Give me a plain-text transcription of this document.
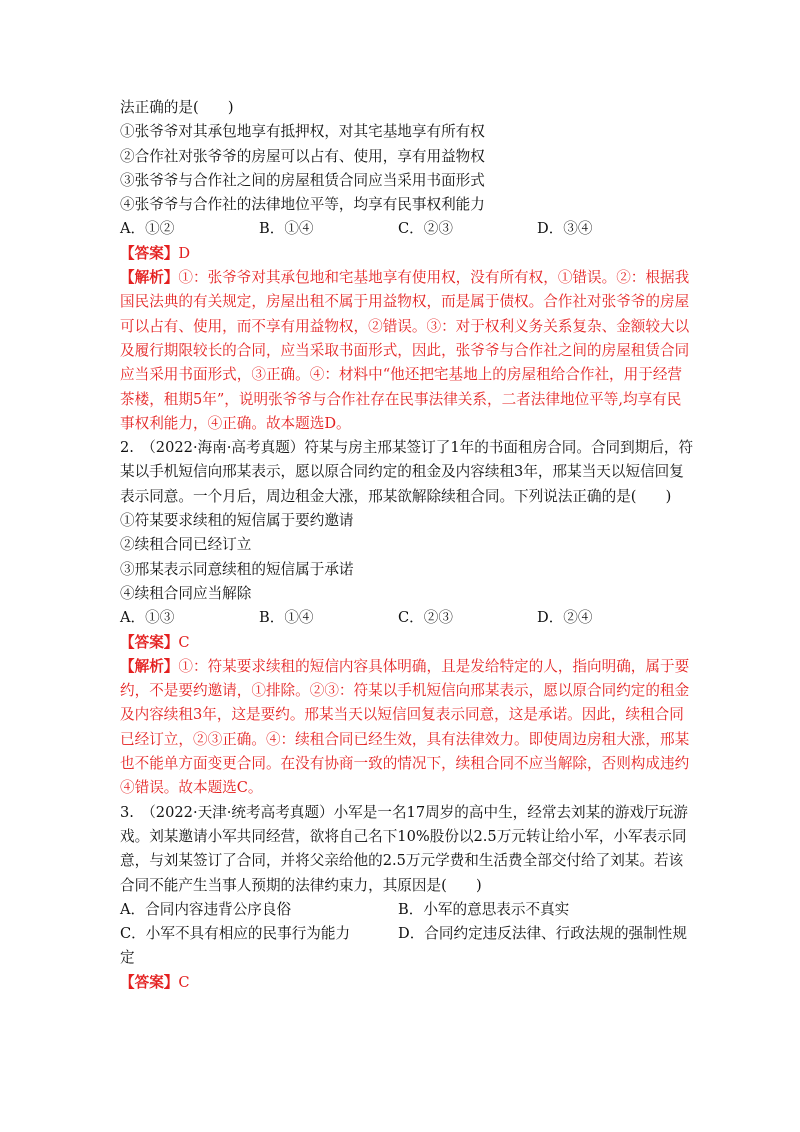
法正确的是(　　)
①张爷爷对其承包地享有抵押权，对其宅基地享有所有权
②合作社对张爷爷的房屋可以占有、使用，享有用益物权
③张爷爷与合作社之间的房屋租赁合同应当采用书面形式
④张爷爷与合作社的法律地位平等，均享有民事权利能力
A．①②	B．①④	C．②③	D．③④
【答案】D
【解析】①：张爷爷对其承包地和宅基地享有使用权，没有所有权，①错误。②：根据我
国民法典的有关规定，房屋出租不属于用益物权，而是属于债权。合作社对张爷爷的房屋
可以占有、使用，而不享有用益物权，②错误。③：对于权利义务关系复杂、金额较大以
及履行期限较长的合同，应当采取书面形式，因此，张爷爷与合作社之间的房屋租赁合同
应当采用书面形式，③正确。④：材料中“他还把宅基地上的房屋租给合作社，用于经营
茶楼，租期5年”，说明张爷爷与合作社存在民事法律关系，二者法律地位平等,均享有民
事权利能力，④正确。故本题选D。
2.　（2022·海南·高考真题）符某与房主邢某签订了1年的书面租房合同。合同到期后，符
某以手机短信向邢某表示，愿以原合同约定的租金及内容续租3年，邢某当天以短信回复
表示同意。一个月后，周边租金大涨，邢某欲解除续租合同。下列说法正确的是(　　)
①符某要求续租的短信属于要约邀请
②续租合同已经订立
③邢某表示同意续租的短信属于承诺
④续租合同应当解除
A．①③	B．①④	C．②③	D．②④
【答案】C
【解析】①：符某要求续租的短信内容具体明确，且是发给特定的人，指向明确，属于要
约，不是要约邀请，①排除。②③：符某以手机短信向邢某表示，愿以原合同约定的租金
及内容续租3年，这是要约。邢某当天以短信回复表示同意，这是承诺。因此，续租合同
已经订立，②③正确。④：续租合同已经生效，具有法律效力。即使周边房租大涨，邢某
也不能单方面变更合同。在没有协商一致的情况下，续租合同不应当解除，否则构成违约
④错误。故本题选C。
3.　（2022·天津·统考高考真题）小军是一名17周岁的高中生，经常去刘某的游戏厅玩游
戏。刘某邀请小军共同经营，欲将自己名下10%股份以2.5万元转让给小军，小军表示同
意，与刘某签订了合同，并将父亲给他的2.5万元学费和生活费全部交付给了刘某。若该
合同不能产生当事人预期的法律约束力，其原因是(　　)
A．合同内容违背公序良俗	B．小军的意思表示不真实
C．小军不具有相应的民事行为能力	D．合同约定违反法律、行政法规的强制性规
定
【答案】C
